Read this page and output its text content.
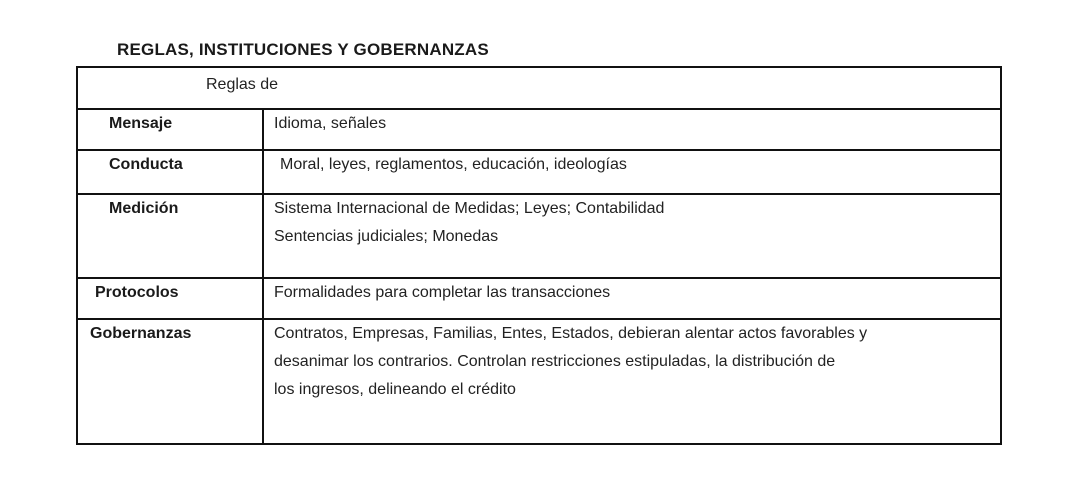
REGLAS, INSTITUCIONES Y GOBERNANZAS
Reglas de	
Mensaje	Idioma, señales

Conducta	Moral, leyes, reglamentos, educación, ideologías

Medición	Sistema Internacional de Medidas; Leyes; Contabilidad
Sentencias judiciales; Monedas

Protocolos	Formalidades para completar las transacciones

Gobernanzas	Contratos, Empresas, Familias, Entes, Estados, debieran alentar actos favorables y
desanimar los contrarios. Controlan restricciones estipuladas, la distribución de
los ingresos, delineando el crédito
